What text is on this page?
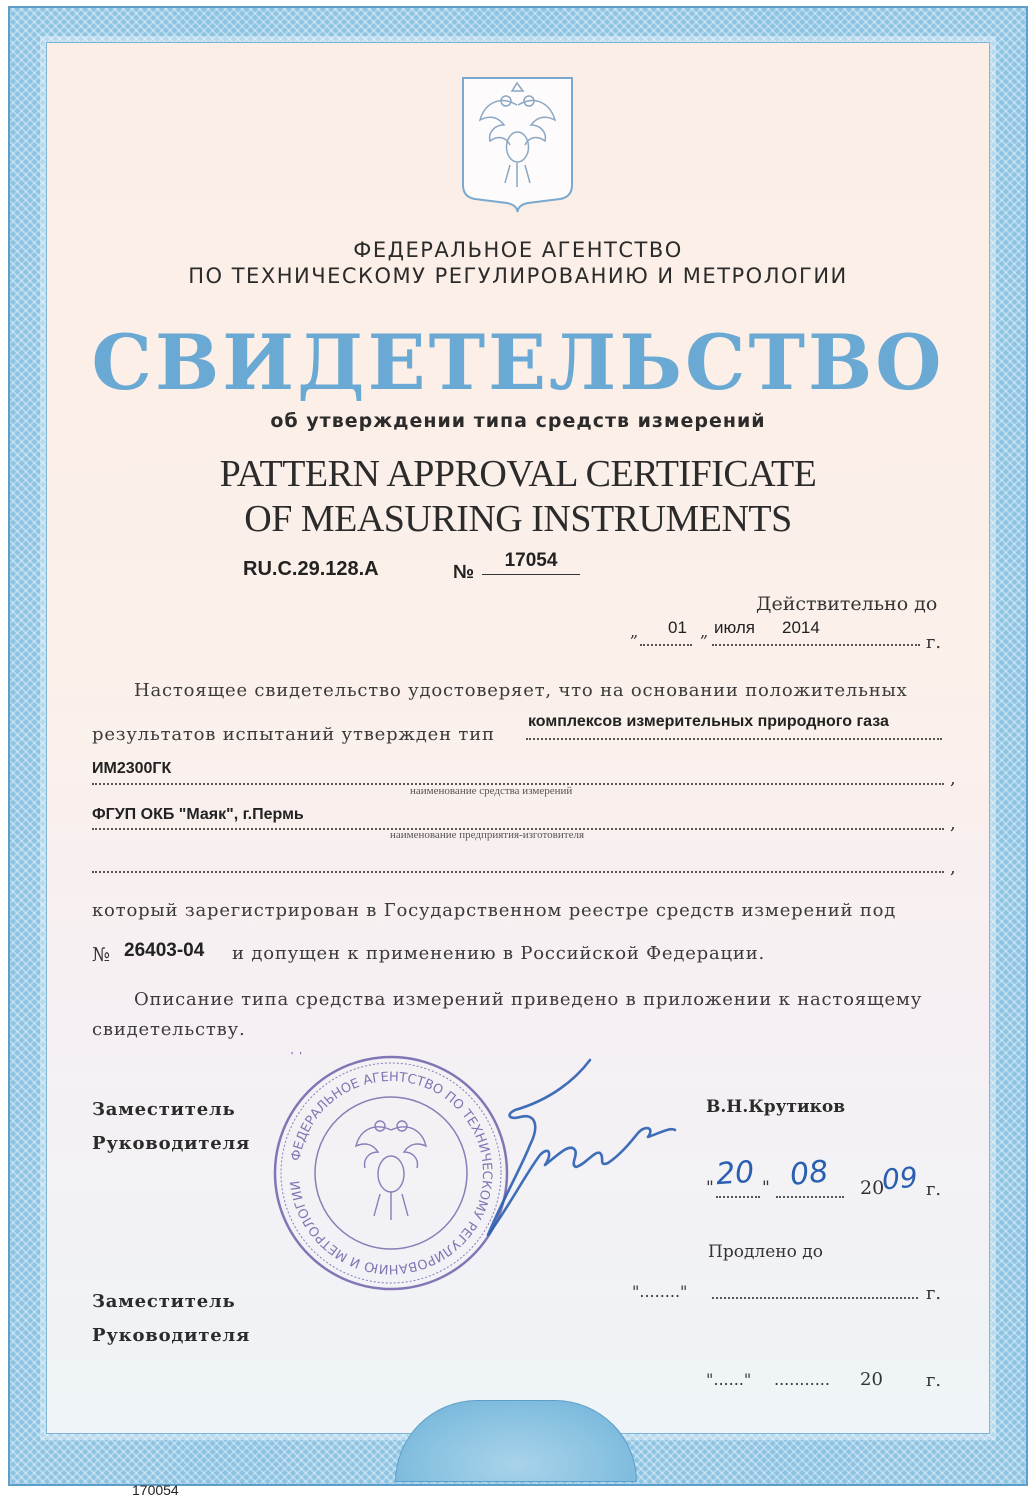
ФЕДЕРАЛЬНОЕ АГЕНТСТВО
ПО ТЕХНИЧЕСКОМУ РЕГУЛИРОВАНИЮ И МЕТРОЛОГИИ
СВИДЕТЕЛЬСТВО
об утверждении типа средств измерений
PATTERN APPROVAL CERTIFICATE
OF MEASURING INSTRUMENTS
RU.C.29.128.A	№
17054
Действительно до
„ 01 „ июля 2014
г.
Настоящее свидетельство удостоверяет, что на основании положительных
результатов испытаний утвержден тип
комплексов измерительных природного газа
ИМ2300ГК	,
наименование средства измерений
ФГУП ОКБ "Маяк", г.Пермь	,
наименование предприятия-изготовителя
,
который зарегистрирован в Государственном реестре средств измерений под
№ 26403-04 и допущен к применению в Российской Федерации.
Описание типа средства измерений приведено в приложении к настоящему
свидетельству.
Заместитель
Руководителя
ФЕДЕРАЛЬНОЕ АГЕНТСТВО ПО ТЕХНИЧЕСКОМУ РЕГУЛИРОВАНИЮ И МЕТРОЛОГИИ
В.Н.Крутиков
" 20 " 08 20
09 г.
Продлено до
"........"	г.
Заместитель
Руководителя
"......" ........... 20 г.
170054
